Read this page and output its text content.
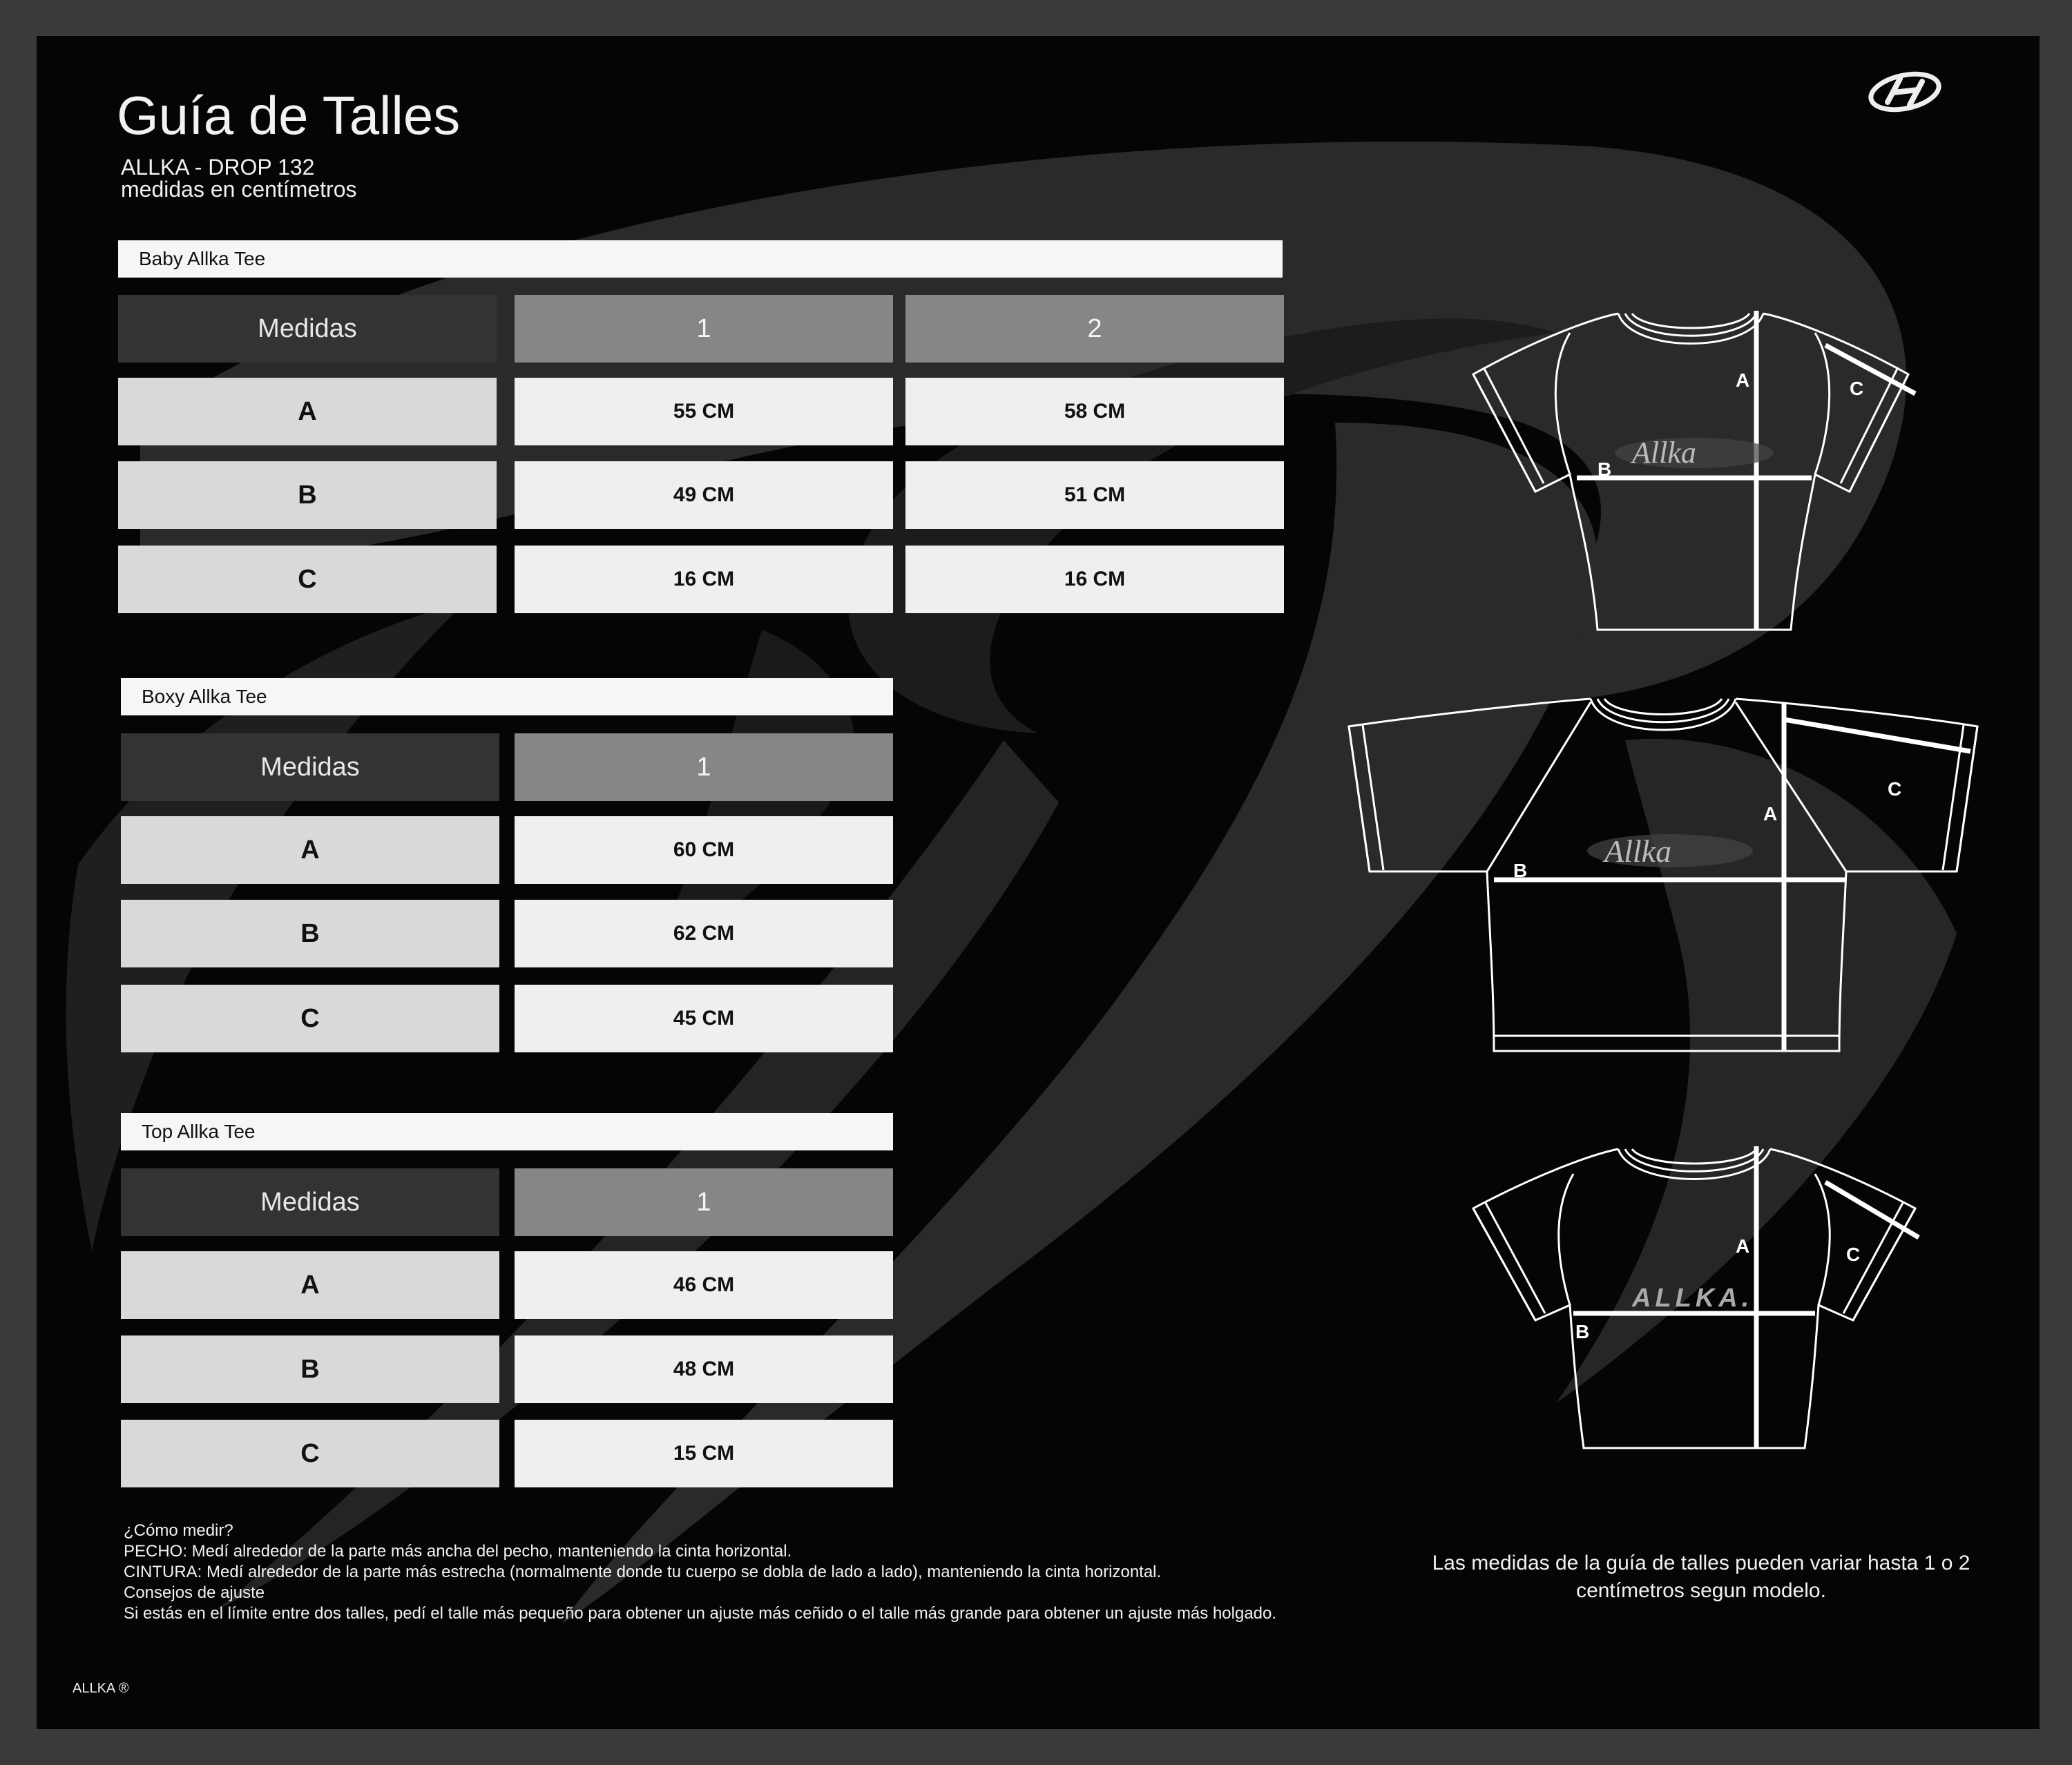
Guía de Talles
ALLKA - DROP 132
medidas en centímetros
Baby Allka Tee
Medidas	1	2
A	55 CM	58 CM
B	49 CM	51 CM
C	16 CM	16 CM
Boxy Allka Tee
Medidas	1
A	60 CM
B	62 CM
C	45 CM
Top Allka Tee
Medidas	1
A	46 CM
B	48 CM
C	15 CM
Allka
A
B
C
Allka
A
B
C
ALLKA.
A
B
C
¿Cómo medir?
PECHO: Medí alrededor de la parte más ancha del pecho, manteniendo la cinta horizontal.
CINTURA: Medí alrededor de la parte más estrecha (normalmente donde tu cuerpo se dobla de lado a lado), manteniendo la cinta horizontal.
Consejos de ajuste
Si estás en el límite entre dos talles, pedí el talle más pequeño para obtener un ajuste más ceñido o el talle más grande para obtener un ajuste más holgado.
Las medidas de la guía de talles pueden variar hasta 1 o 2 centímetros segun modelo.
ALLKA ®
